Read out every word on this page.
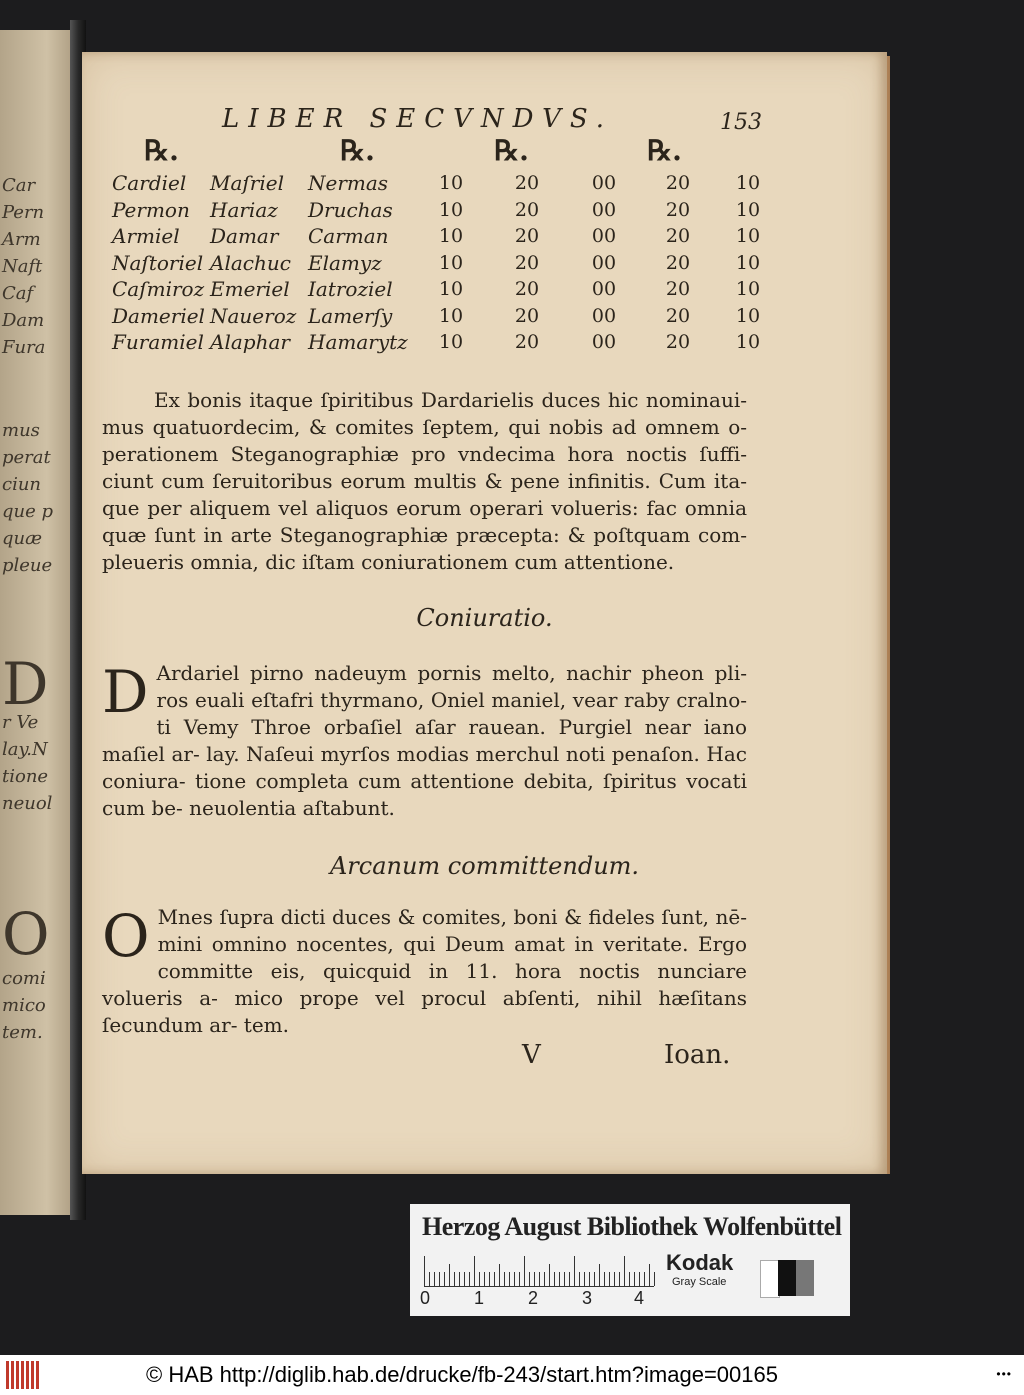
Car
Pern
Arm
Naft
Caf
Dam
Fura
mus
perat
ciun
que p
quæ
pleue
r Ve
lay.N
tione
neuol
comi
mico
tem.
D
O
LIBER SECVNDVS.	153
℞.	℞.	℞.	℞.
Cardiel	Maſriel	Nermas	10	20	00	20	10
Permon	Hariaz	Druchas	10	20	00	20	10
Armiel	Damar	Carman	10	20	00	20	10
Naſtoriel	Alachuc	Elamyz	10	20	00	20	10
Caſmiroz	Emeriel	Iatroziel	10	20	00	20	10
Dameriel	Naueroz	Lamerſy	10	20	00	20	10
Furamiel	Alaphar	Hamarytz	10	20	00	20	10

Ex bonis itaque ſpiritibus Dardarielis duces hic nominaui- mus quatuordecim, & comites ſeptem, qui nobis ad omnem o- perationem Steganographiæ pro vndecima hora noctis ſuffi- ciunt cum ſeruitoribus eorum multis & pene infinitis. Cum ita- que per aliquem vel aliquos eorum operari volueris: fac omnia quæ ſunt in arte Steganographiæ præcepta: & poſtquam com- pleueris omnia, dic iſtam coniurationem cum attentione.

Coniuratio.
D Ardariel pirno nadeuym pornis melto, nachir pheon pli- ros euali eſtafri thyrmano, Oniel maniel, vear raby cralno- ti Vemy Throe orbaſiel aſar rauean. Purgiel near iano maſiel ar- lay. Naſeui myrſos modias merchul noti penaſon. Hac coniura- tione completa cum attentione debita, ſpiritus vocati cum be- neuolentia aſtabunt.
Arcanum committendum.
O Mnes ſupra dicti duces & comites, boni & fideles ſunt, nē- mini omnino nocentes, qui Deum amat in veritate. Ergo committe eis, quicquid in 11. hora noctis nunciare volueris a- mico prope vel procul abſenti, nihil hæſitans ſecundum ar- tem.
V	Ioan.
Herzog August Bibliothek Wolfenbüttel
0 1 2 3 4
Kodak
Gray Scale
© HAB http://diglib.hab.de/drucke/fb-243/start.htm?image=00165	•••
